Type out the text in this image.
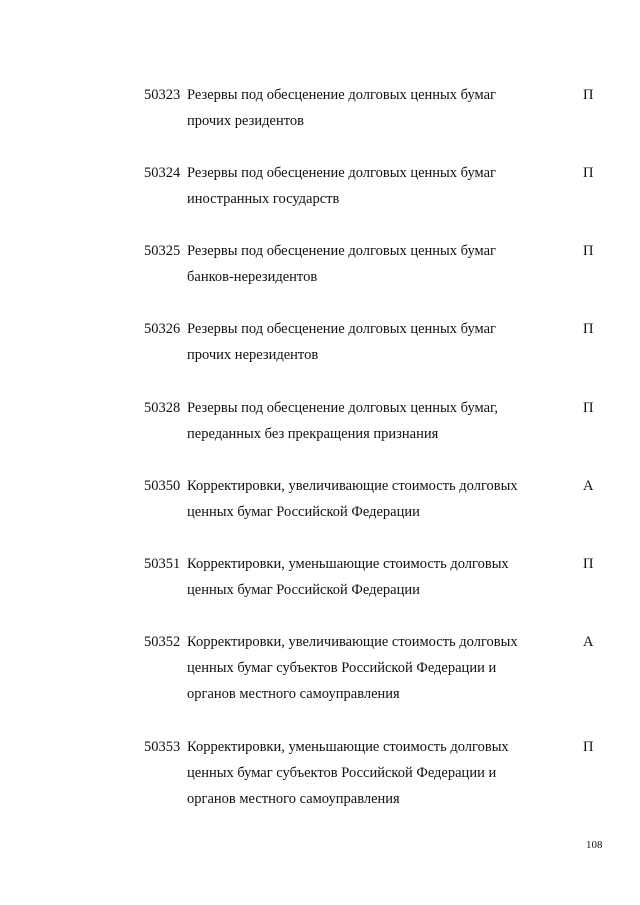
50323 Резервы под обесценение долговых ценных бумаг
прочих резидентов
П
50324 Резервы под обесценение долговых ценных бумаг
иностранных государств
П
50325 Резервы под обесценение долговых ценных бумаг
банков-нерезидентов
П
50326 Резервы под обесценение долговых ценных бумаг
прочих нерезидентов
П
50328 Резервы под обесценение долговых ценных бумаг,
переданных без прекращения признания
П
50350 Корректировки, увеличивающие стоимость долговых
ценных бумаг Российской Федерации
А
50351 Корректировки, уменьшающие стоимость долговых
ценных бумаг Российской Федерации
П
50352 Корректировки, увеличивающие стоимость долговых
ценных бумаг субъектов Российской Федерации и
органов местного самоуправления
А
50353 Корректировки, уменьшающие стоимость долговых
ценных бумаг субъектов Российской Федерации и
органов местного самоуправления
П
108
